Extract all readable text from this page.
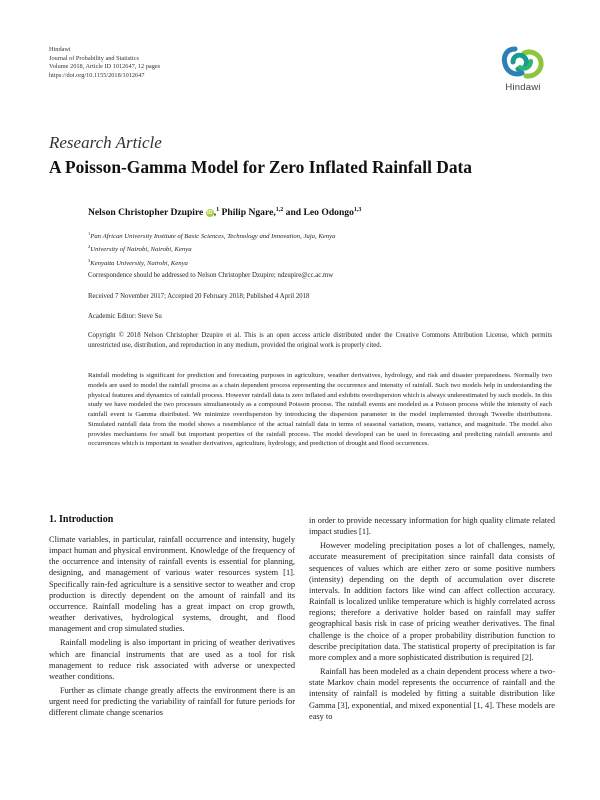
Hindawi
Journal of Probability and Statistics
Volume 2018, Article ID 1012647, 12 pages
https://doi.org/10.1155/2018/1012647
Hindawi
Research Article
A Poisson-Gamma Model for Zero Inflated Rainfall Data
Nelson Christopher Dzupire iD,$^1$ Philip Ngare,$^{1,2}$ and Leo Odongo$^{1,3}$
$^1$Pan African University Institute of Basic Sciences, Technology and Innovation, Juja, Kenya
$^2$University of Nairobi, Nairobi, Kenya
$^3$Kenyatta University, Nairobi, Kenya
Correspondence should be addressed to Nelson Christopher Dzupire; ndzupire@cc.ac.mw
Received 7 November 2017; Accepted 20 February 2018; Published 4 April 2018
Academic Editor: Steve Su
Copyright © 2018 Nelson Christopher Dzupire et al. This is an open access article distributed under the Creative Commons Attribution License, which permits unrestricted use, distribution, and reproduction in any medium, provided the original work is properly cited.
Rainfall modeling is significant for prediction and forecasting purposes in agriculture, weather derivatives, hydrology, and risk and disaster preparedness. Normally two models are used to model the rainfall process as a chain dependent process representing the occurrence and intensity of rainfall. Such two models help in understanding the physical features and dynamics of rainfall process. However rainfall data is zero inflated and exhibits overdispersion which is always underestimated by such models. In this study we have modeled the two processes simultaneously as a compound Poisson process. The rainfall events are modeled as a Poisson process while the intensity of each rainfall event is Gamma distributed. We minimize overdispersion by introducing the dispersion parameter in the model implemented through Tweedie distributions. Simulated rainfall data from the model shows a resemblance of the actual rainfall data in terms of seasonal variation, means, variance, and magnitude. The model also provides mechanisms for small but important properties of the rainfall process. The model developed can be used in forecasting and predicting rainfall amounts and occurrences which is important in weather derivatives, agriculture, hydrology, and prediction of drought and flood occurrences.
1. Introduction

Climate variables, in particular, rainfall occurrence and intensity, hugely impact human and physical environment. Knowledge of the frequency of the occurrence and intensity of rainfall events is essential for planning, designing, and management of various water resources system [1]. Specifically rain-fed agriculture is a sensitive sector to weather and crop production is directly dependent on the amount of rainfall and its occurrence. Rainfall modeling has a great impact on crop growth, weather derivatives, hydrological systems, drought, and flood management and crop simulated studies.

Rainfall modeling is also important in pricing of weather derivatives which are financial instruments that are used as a tool for risk management to reduce risk associated with adverse or unexpected weather conditions.

Further as climate change greatly affects the environment there is an urgent need for predicting the variability of rainfall for future periods for different climate change scenarios

in order to provide necessary information for high quality climate related impact studies [1].

However modeling precipitation poses a lot of challenges, namely, accurate measurement of precipitation since rainfall data consists of sequences of values which are either zero or some positive numbers (intensity) depending on the depth of accumulation over discrete intervals. In addition factors like wind can affect collection accuracy. Rainfall is localized unlike temperature which is highly correlated across regions; therefore a derivative holder based on rainfall may suffer geographical basis risk in case of pricing weather derivatives. The final challenge is the choice of a proper probability distribution function to describe precipitation data. The statistical property of precipitation is far more complex and a more sophisticated distribution is required [2].

Rainfall has been modeled as a chain dependent process where a two-state Markov chain model represents the occurrence of rainfall and the intensity of rainfall is modeled by fitting a suitable distribution like Gamma [3], exponential, and mixed exponential [1, 4]. These models are easy to
